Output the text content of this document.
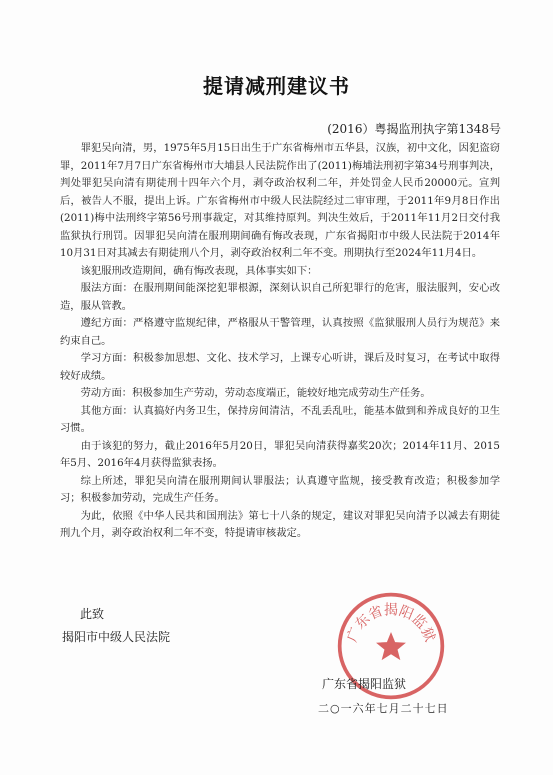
提请减刑建议书
(2016）粤揭监刑执字第1348号

罪犯吴向清，男，1975年5月15日出生于广东省梅州市五华县，汉族，初中文化，因犯盗窃罪，2011年7月7日广东省梅州市大埔县人民法院作出了(2011)梅埔法刑初字第34号刑事判决，判处罪犯吴向清有期徒刑十四年六个月，剥夺政治权利二年，并处罚金人民币20000元。宣判后，被告人不服，提出上诉。广东省梅州市中级人民法院经过二审审理，于2011年9月8日作出(2011)梅中法刑终字第56号刑事裁定，对其维持原判。判决生效后，于2011年11月2日交付我监狱执行刑罚。因罪犯吴向清在服刑期间确有悔改表现，广东省揭阳市中级人民法院于2014年10月31日对其减去有期徒刑八个月，剥夺政治权利二年不变。刑期执行至2024年11月4日。

该犯服刑改造期间，确有悔改表现，具体事实如下：

服法方面：在服刑期间能深挖犯罪根源，深刻认识自己所犯罪行的危害，服法服判，安心改造，服从管教。

遵纪方面：严格遵守监规纪律，严格服从干警管理，认真按照《监狱服刑人员行为规范》来约束自己。

学习方面：积极参加思想、文化、技术学习，上课专心听讲，课后及时复习，在考试中取得较好成绩。

劳动方面：积极参加生产劳动，劳动态度端正，能较好地完成劳动生产任务。

其他方面：认真搞好内务卫生，保持房间清洁，不乱丢乱吐，能基本做到和养成良好的卫生习惯。

由于该犯的努力，截止2016年5月20日，罪犯吴向清获得嘉奖20次；2014年11月、2015年5月、2016年4月获得监狱表扬。

综上所述，罪犯吴向清在服刑期间认罪服法；认真遵守监规，接受教育改造；积极参加学习；积极参加劳动，完成生产任务。

为此，依照《中华人民共和国刑法》第七十八条的规定，建议对罪犯吴向清予以减去有期徒刑九个月，剥夺政治权利二年不变，特提请审核裁定。

此致
揭阳市中级人民法院	广东省揭阳监狱
广东省揭阳监狱
二○一六年七月二十七日
